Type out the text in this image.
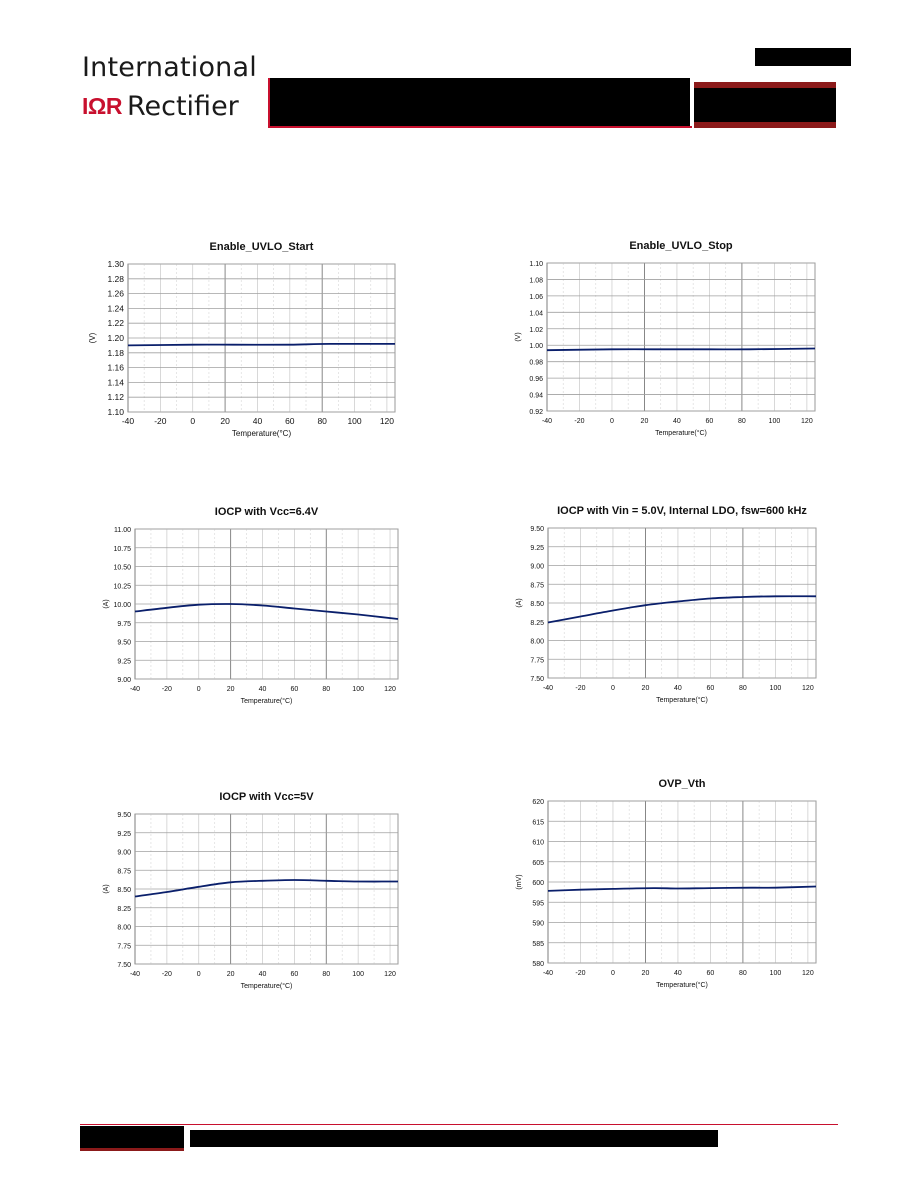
International
IΩR Rectifier
Enable_UVLO_Start
1.10
1.12
1.14
1.16
1.18
1.20
1.22
1.24
1.26
1.28
1.30
-40 -20	0	20	40	60	80 100 120
Temperature(°C)
(V)
Enable_UVLO_Stop
0.92
0.94
0.96
0.98
1.00
1.02
1.04
1.06
1.08
1.10
-40	-20	0	20	40	60	80	100	120
Temperature(°C)
(V)
IOCP with Vcc=6.4V
9.00
9.25
9.50
9.75
10.00
10.25
10.50
10.75
11.00
-40	-20	0	20	40	60	80	100	120
Temperature(°C)
(A)
IOCP with Vin = 5.0V, Internal LDO, fsw=600 kHz
7.50
7.75
8.00
8.25
8.50
8.75
9.00
9.25
9.50
-40	-20	0	20	40	60	80	100	120
Temperature(°C)
(A)
IOCP with Vcc=5V
7.50
7.75
8.00
8.25
8.50
8.75
9.00
9.25
9.50
-40	-20	0	20	40	60	80	100	120
Temperature(°C)
(A)
OVP_Vth
580
585
590
595
600
605
610
615
620
-40	-20	0	20	40	60	80	100	120
Temperature(°C)
(mV)
